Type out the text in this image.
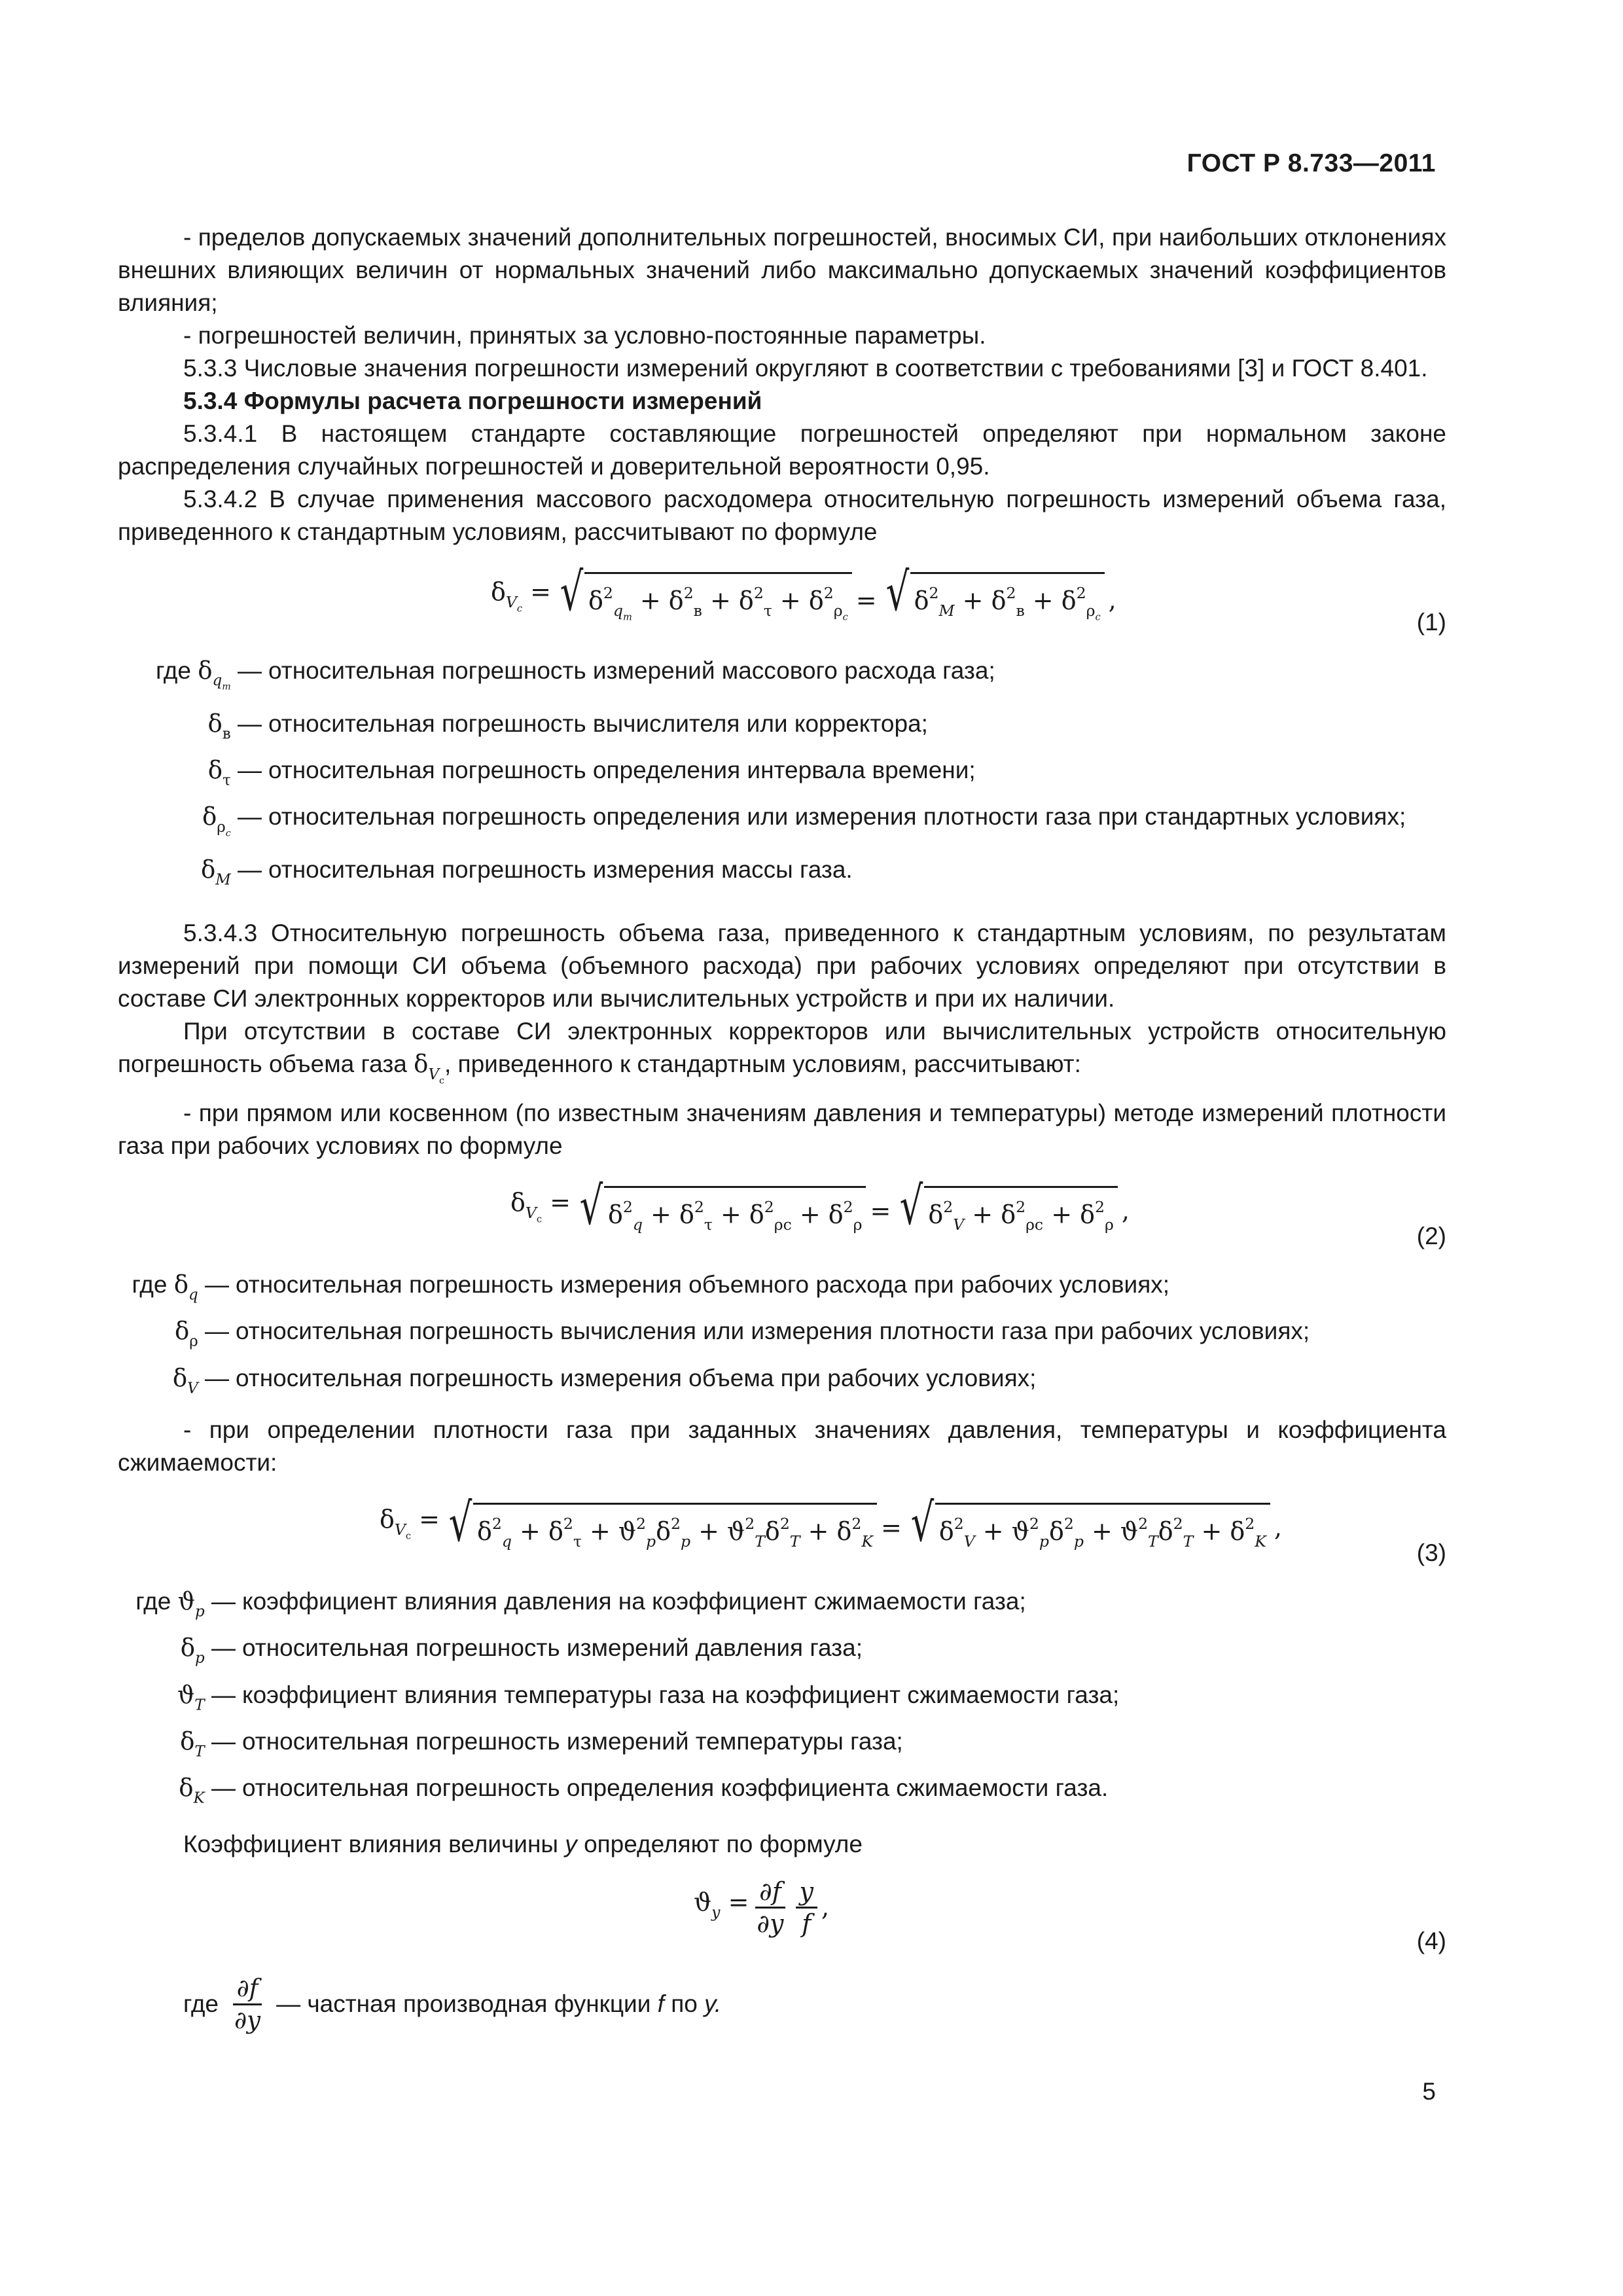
ГОСТ Р 8.733—2011

- пределов допускаемых значений дополнительных погрешностей, вносимых СИ, при наибольших отклонениях внешних влияющих величин от нормальных значений либо максимально допускаемых значений коэффициентов влияния;

- погрешностей величин, принятых за условно-постоянные параметры.

5.3.3 Числовые значения погрешности измерений округляют в соответствии с требованиями [3] и ГОСТ 8.401.

5.3.4 Формулы расчета погрешности измерений

5.3.4.1 В настоящем стандарте составляющие погрешностей определяют при нормальном законе распределения случайных погрешностей и доверительной вероятности 0,95.

5.3.4.2 В случае применения массового расходомера относительную погрешность измерений объема газа, приведенного к стандартным условиям, рассчитывают по формуле

$\delta_{V_c}$ = √ $\delta^2_{q_m} + \delta^2_в + \delta^2_\tau + \delta^2_{\rho_c}$
= √ $\delta^2_M + \delta^2_в + \delta^2_{\rho_c}$
,
(1)
где $\delta_{q_m}$ — относительная погрешность измерений массового расхода газа;
$\delta_в$ — относительная погрешность вычислителя или корректора;
$\delta_\tau$ — относительная погрешность определения интервала времени;
$\delta_{\rho_c}$ — относительная погрешность определения или измерения плотности газа при стандартных условиях;
$\delta_M$ — относительная погрешность измерения массы газа.

5.3.4.3 Относительную погрешность объема газа, приведенного к стандартным условиям, по результатам измерений при помощи СИ объема (объемного расхода) при рабочих условиях определяют при отсутствии в составе СИ электронных корректоров или вычислительных устройств и при их наличии.

При отсутствии в составе СИ электронных корректоров или вычислительных устройств относительную погрешность объема газа $\delta_{V_c}$, приведенного к стандартным условиям, рассчитывают:

- при прямом или косвенном (по известным значениям давления и температуры) методе измерений плотности газа при рабочих условиях по формуле

$\delta_{V_c}$ = √ $\delta^2_q + \delta^2_\tau + \delta^2_{\rho c} + \delta^2_\rho$ = √ $\delta^2_V + \delta^2_{\rho c} + \delta^2_\rho$ ,
(2)
где $\delta_q$ — относительная погрешность измерения объемного расхода при рабочих условиях;
$\delta_\rho$ — относительная погрешность вычисления или измерения плотности газа при рабочих условиях;
$\delta_V$ — относительная погрешность измерения объема при рабочих условиях;

- при определении плотности газа при заданных значениях давления, температуры и коэффициента сжимаемости:

$\delta_{V_c}$ = √ $\delta^2_q + \delta^2_\tau + ϑ^2_p\delta^2_p + ϑ^2_T\delta^2_T + \delta^2_K$ = √ $\delta^2_V + ϑ^2_p\delta^2_p + ϑ^2_T\delta^2_T + \delta^2_K$ ,
(3)
где $ϑ_p$ — коэффициент влияния давления на коэффициент сжимаемости газа;
$\delta_p$ — относительная погрешность измерений давления газа;
$ϑ_T$ — коэффициент влияния температуры газа на коэффициент сжимаемости газа;
$\delta_T$ — относительная погрешность измерений температуры газа;
$\delta_K$ — относительная погрешность определения коэффициента сжимаемости газа.

Коэффициент влияния величины y определяют по формуле

$ϑ_y = \frac{\partial f}{\partial y} \frac{y}{f}$ ,
(4)
где $\frac{\partial f}{\partial y}$ — частная производная функции
f
по
y.
5
